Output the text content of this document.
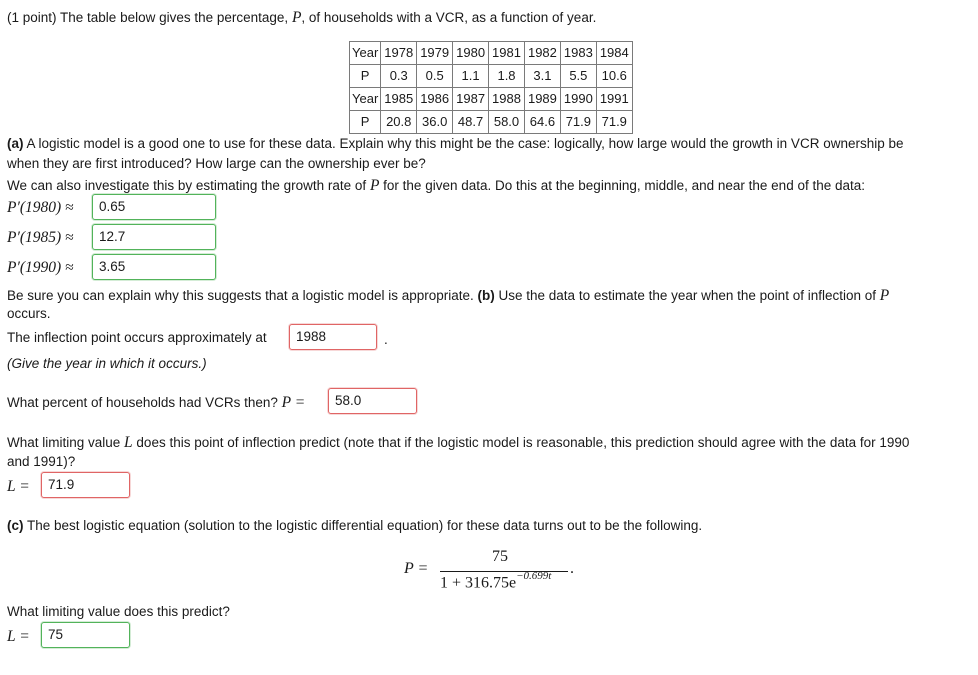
(1 point) The table below gives the percentage, P, of households with a VCR, as a function of year.
Year	1978	1979	1980	1981	1982	1983	1984
P	0.3	0.5	1.1	1.8	3.1	5.5	10.6
Year	1985	1986	1987	1988	1989	1990	1991
P	20.8	36.0	48.7	58.0	64.6	71.9	71.9
(a) A logistic model is a good one to use for these data. Explain why this might be the case: logically, how large would the growth in VCR ownership be
when they are first introduced? How large can the ownership ever be?
We can also investigate this by estimating the growth rate of P for the given data. Do this at the beginning, middle, and near the end of the data:
P′(1980) ≈	0.65
P′(1985) ≈	12.7
P′(1990) ≈	3.65
Be sure you can explain why this suggests that a logistic model is appropriate. (b) Use the data to estimate the year when the point of inflection of P
occurs.
The inflection point occurs approximately at	1988	.
(Give the year in which it occurs.)
What percent of households had VCRs then? P =	58.0
What limiting value L does this point of inflection predict (note that if the logistic model is reasonable, this prediction should agree with the data for 1990
and 1991)?
L =	71.9
(c) The best logistic equation (solution to the logistic differential equation) for these data turns out to be the following.
P =
75
$1 + 316.75e^{-0.699t}$ .
What limiting value does this predict?
L =	75
